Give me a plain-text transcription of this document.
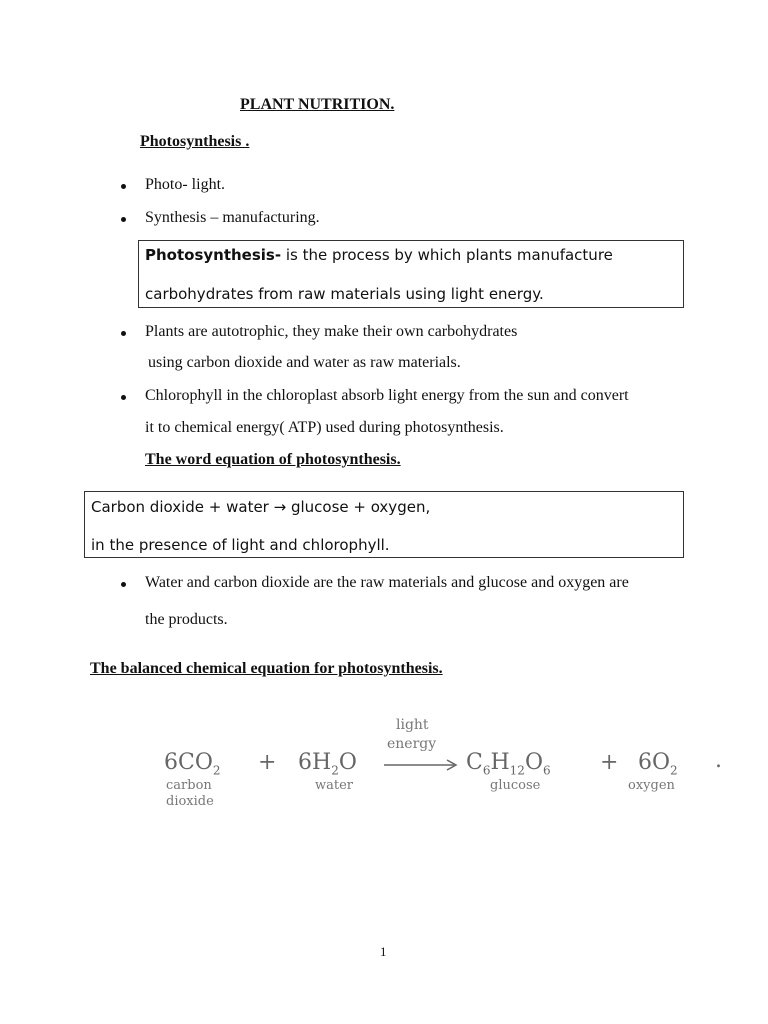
PLANT NUTRITION.
Photosynthesis .
Photo- light.
Synthesis – manufacturing.
Photosynthesis- is the process by which plants manufacture
carbohydrates from raw materials using light energy.
Plants are autotrophic, they make their own carbohydrates
using carbon dioxide and water as raw materials.
Chlorophyll in the chloroplast absorb light energy from the sun and convert
it to chemical energy( ATP) used during photosynthesis.
The word equation of photosynthesis.
Carbon dioxide + water → glucose + oxygen,
in the presence of light and chlorophyll.
Water and carbon dioxide are the raw materials and glucose and oxygen are
the products.
The balanced chemical equation for photosynthesis.
light
energy
$6CO_2 + 6H_2O$	$C_6H_{12}O_6 + 6O_2$ .
carbon
dioxide
water	glucose	oxygen
1
